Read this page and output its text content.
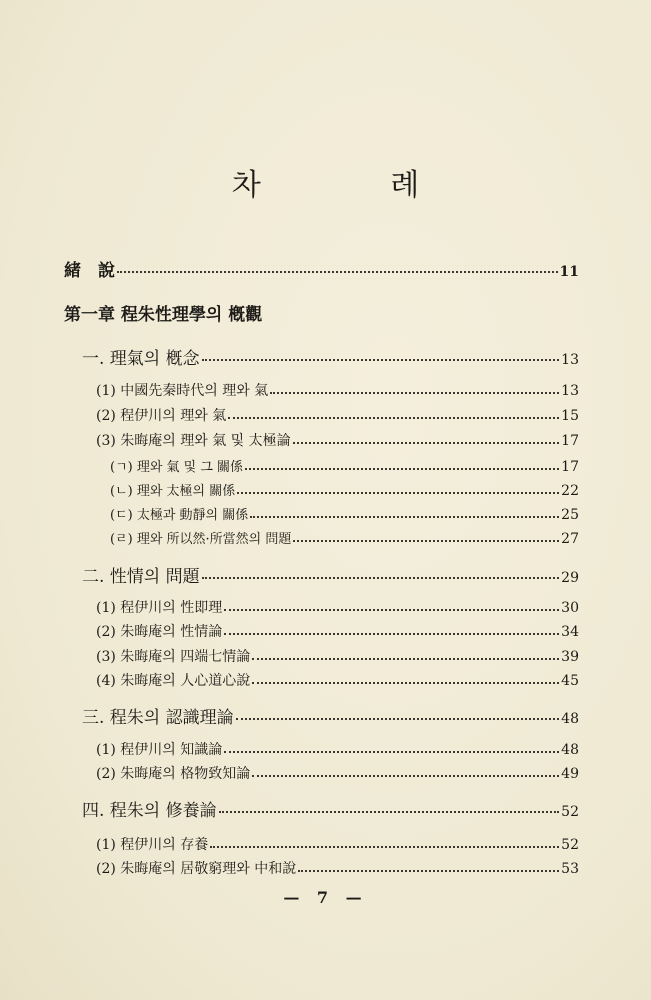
차 례
緒　說	11
第一章 程朱性理學의 槪觀
一. 理氣의 槪念	13
(1) 中國先秦時代의 理와 氣	13
(2) 程伊川의 理와 氣	15
(3) 朱晦庵의 理와 氣 및 太極論	17
(ㄱ) 理와 氣 및 그 關係	17
(ㄴ) 理와 太極의 關係	22
(ㄷ) 太極과 動靜의 關係	25
(ㄹ) 理와 所以然·所當然의 問題	27
二. 性情의 問題	29
(1) 程伊川의 性即理	30
(2) 朱晦庵의 性情論	34
(3) 朱晦庵의 四端七情論	39
(4) 朱晦庵의 人心道心說	45
三. 程朱의 認識理論	48
(1) 程伊川의 知識論	48
(2) 朱晦庵의 格物致知論	49
四. 程朱의 修養論	52
(1) 程伊川의 存養	52
(2) 朱晦庵의 居敬窮理와 中和說	53
— 7 —
